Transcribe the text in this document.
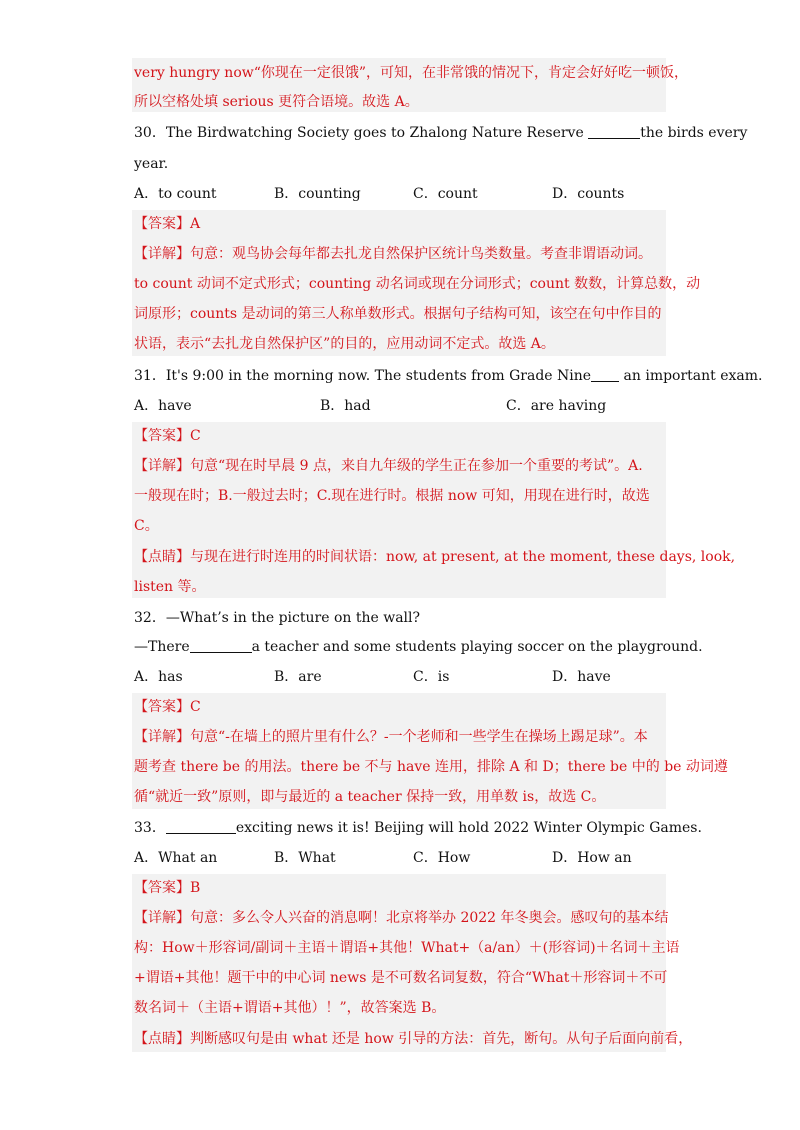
very hungry now“你现在一定很饿”，可知，在非常饿的情况下，肯定会好好吃一顿饭，
所以空格处填 serious 更符合语境。故选 A。
30．The Birdwatching Society goes to Zhalong Nature Reserve	the birds every
year.
A．to count	B．counting	C．count	D．counts
【答案】A
【详解】句意：观鸟协会每年都去扎龙自然保护区统计鸟类数量。考查非谓语动词。
to count 动词不定式形式；counting 动名词或现在分词形式；count 数数，计算总数，动
词原形；counts 是动词的第三人称单数形式。根据句子结构可知，该空在句中作目的
状语，表示“去扎龙自然保护区”的目的，应用动词不定式。故选 A。
31．It's 9:00 in the morning now. The students from Grade Nine an important exam.
A．have	B．had	C．are having
【答案】C
【详解】句意“现在时早晨 9 点，来自九年级的学生正在参加一个重要的考试”。A.
一般现在时；B.一般过去时；C.现在进行时。根据 now 可知，用现在进行时，故选
C。
【点睛】与现在进行时连用的时间状语：now, at present, at the moment, these days, look,
listen 等。
32．—What’s in the picture on the wall?
—There	a teacher and some students playing soccer on the playground.
A．has	B．are	C．is	D．have
【答案】C
【详解】句意“-在墙上的照片里有什么？-一个老师和一些学生在操场上踢足球”。本
题考查 there be 的用法。there be 不与 have 连用，排除 A 和 D；there be 中的 be 动词遵
循“就近一致”原则，即与最近的 a teacher 保持一致，用单数 is，故选 C。
33．	exciting news it is! Beijing will hold 2022 Winter Olympic Games.
A．What an	B．What	C．How	D．How an
【答案】B
【详解】句意：多么令人兴奋的消息啊！北京将举办 2022 年冬奥会。感叹句的基本结
构：How＋形容词/副词＋主语＋谓语+其他！What+（a/an）＋(形容词)＋名词＋主语
+谓语+其他！题干中的中心词 news 是不可数名词复数，符合“What＋形容词＋不可
数名词＋（主语+谓语+其他）！”，故答案选 B。
【点睛】判断感叹句是由 what 还是 how 引导的方法：首先，断句。从句子后面向前看，
